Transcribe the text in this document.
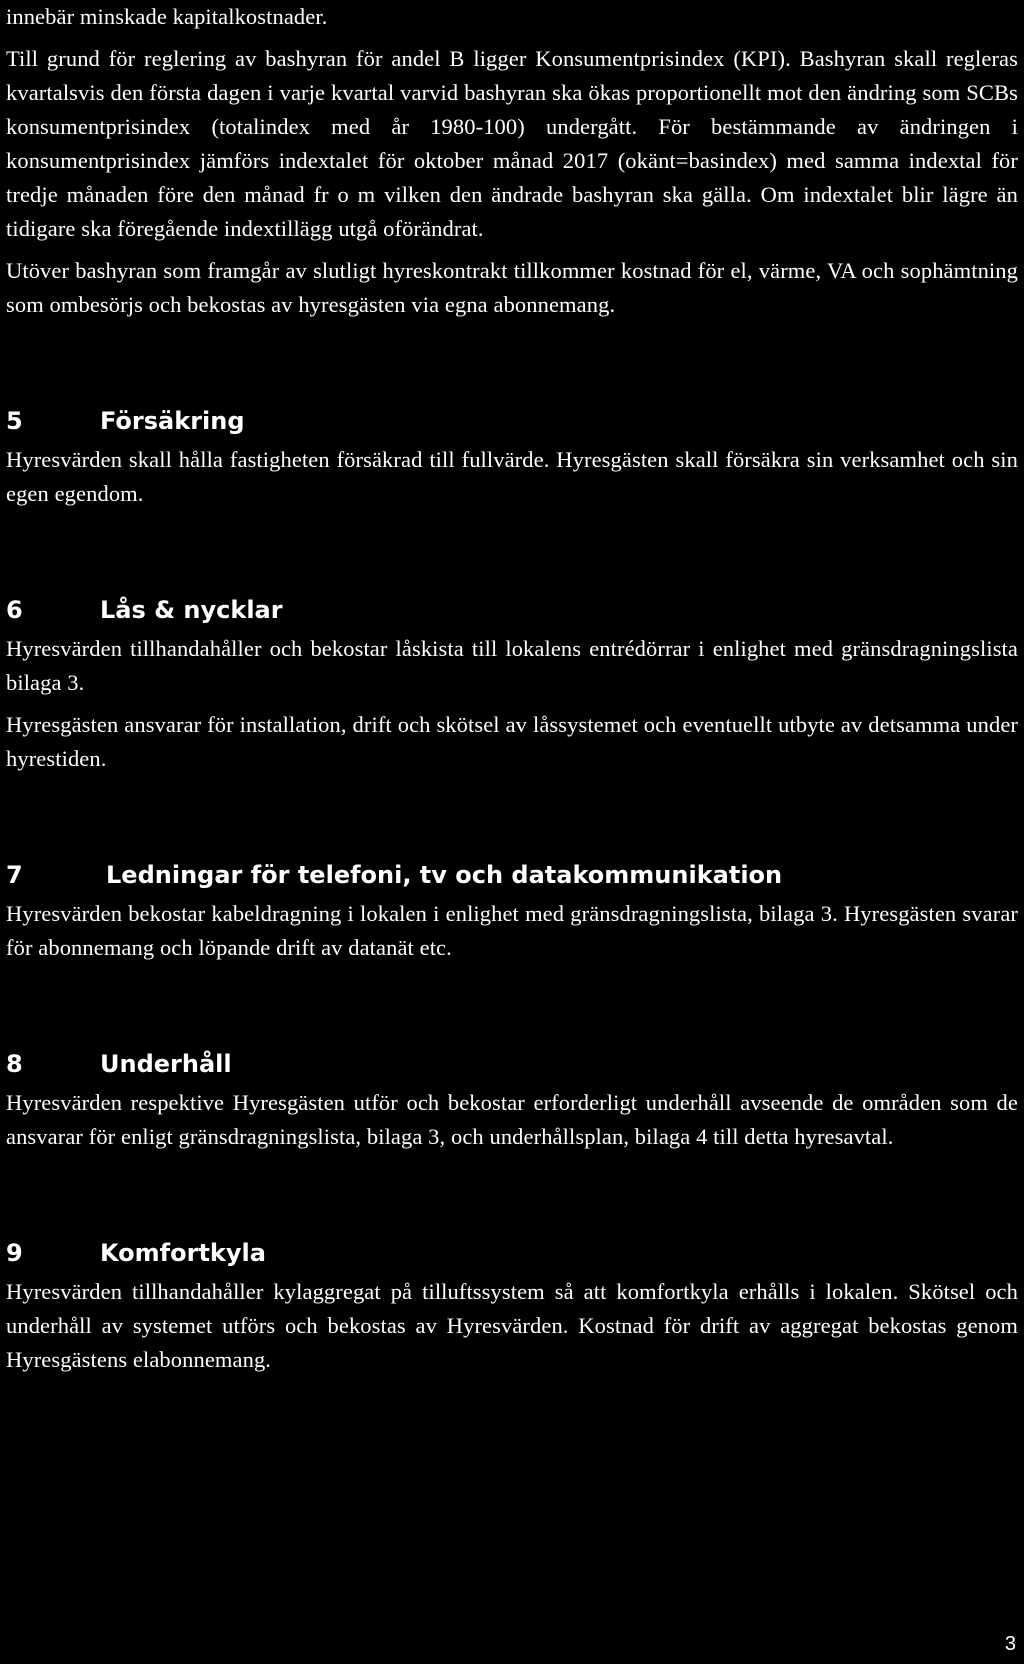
innebär minskade kapitalkostnader.

Till grund för reglering av bashyran för andel B ligger Konsumentprisindex (KPI). Bashyran skall regleras kvartalsvis den första dagen i varje kvartal varvid bashyran ska ökas proportionellt mot den ändring som SCBs konsumentprisindex (totalindex med år 1980-100) undergått. För bestämmande av ändringen i konsumentprisindex jämförs indextalet för oktober månad 2017 (okänt=basindex) med samma indextal för tredje månaden före den månad fr o m vilken den ändrade bashyran ska gälla. Om indextalet blir lägre än tidigare ska föregående indextillägg utgå oförändrat.

Utöver bashyran som framgår av slutligt hyreskontrakt tillkommer kostnad för el, värme, VA och sophämtning som ombesörjs och bekostas av hyresgästen via egna abonnemang.

5	Försäkring

Hyresvärden skall hålla fastigheten försäkrad till fullvärde. Hyresgästen skall försäkra sin verksamhet och sin egen egendom.

6	Lås & nycklar

Hyresvärden tillhandahåller och bekostar låskista till lokalens entrédörrar i enlighet med gränsdragningslista bilaga 3.

Hyresgästen ansvarar för installation, drift och skötsel av låssystemet och eventuellt utbyte av detsamma under hyrestiden.

7	Ledningar för telefoni, tv och datakommunikation

Hyresvärden bekostar kabeldragning i lokalen i enlighet med gränsdragningslista, bilaga 3. Hyresgästen svarar för abonnemang och löpande drift av datanät etc.

8	Underhåll

Hyresvärden respektive Hyresgästen utför och bekostar erforderligt underhåll avseende de områden som de ansvarar för enligt gränsdragningslista, bilaga 3, och underhållsplan, bilaga 4 till detta hyresavtal.

9	Komfortkyla

Hyresvärden tillhandahåller kylaggregat på tilluftssystem så att komfortkyla erhålls i lokalen. Skötsel och underhåll av systemet utförs och bekostas av Hyresvärden. Kostnad för drift av aggregat bekostas genom Hyresgästens elabonnemang.

3
